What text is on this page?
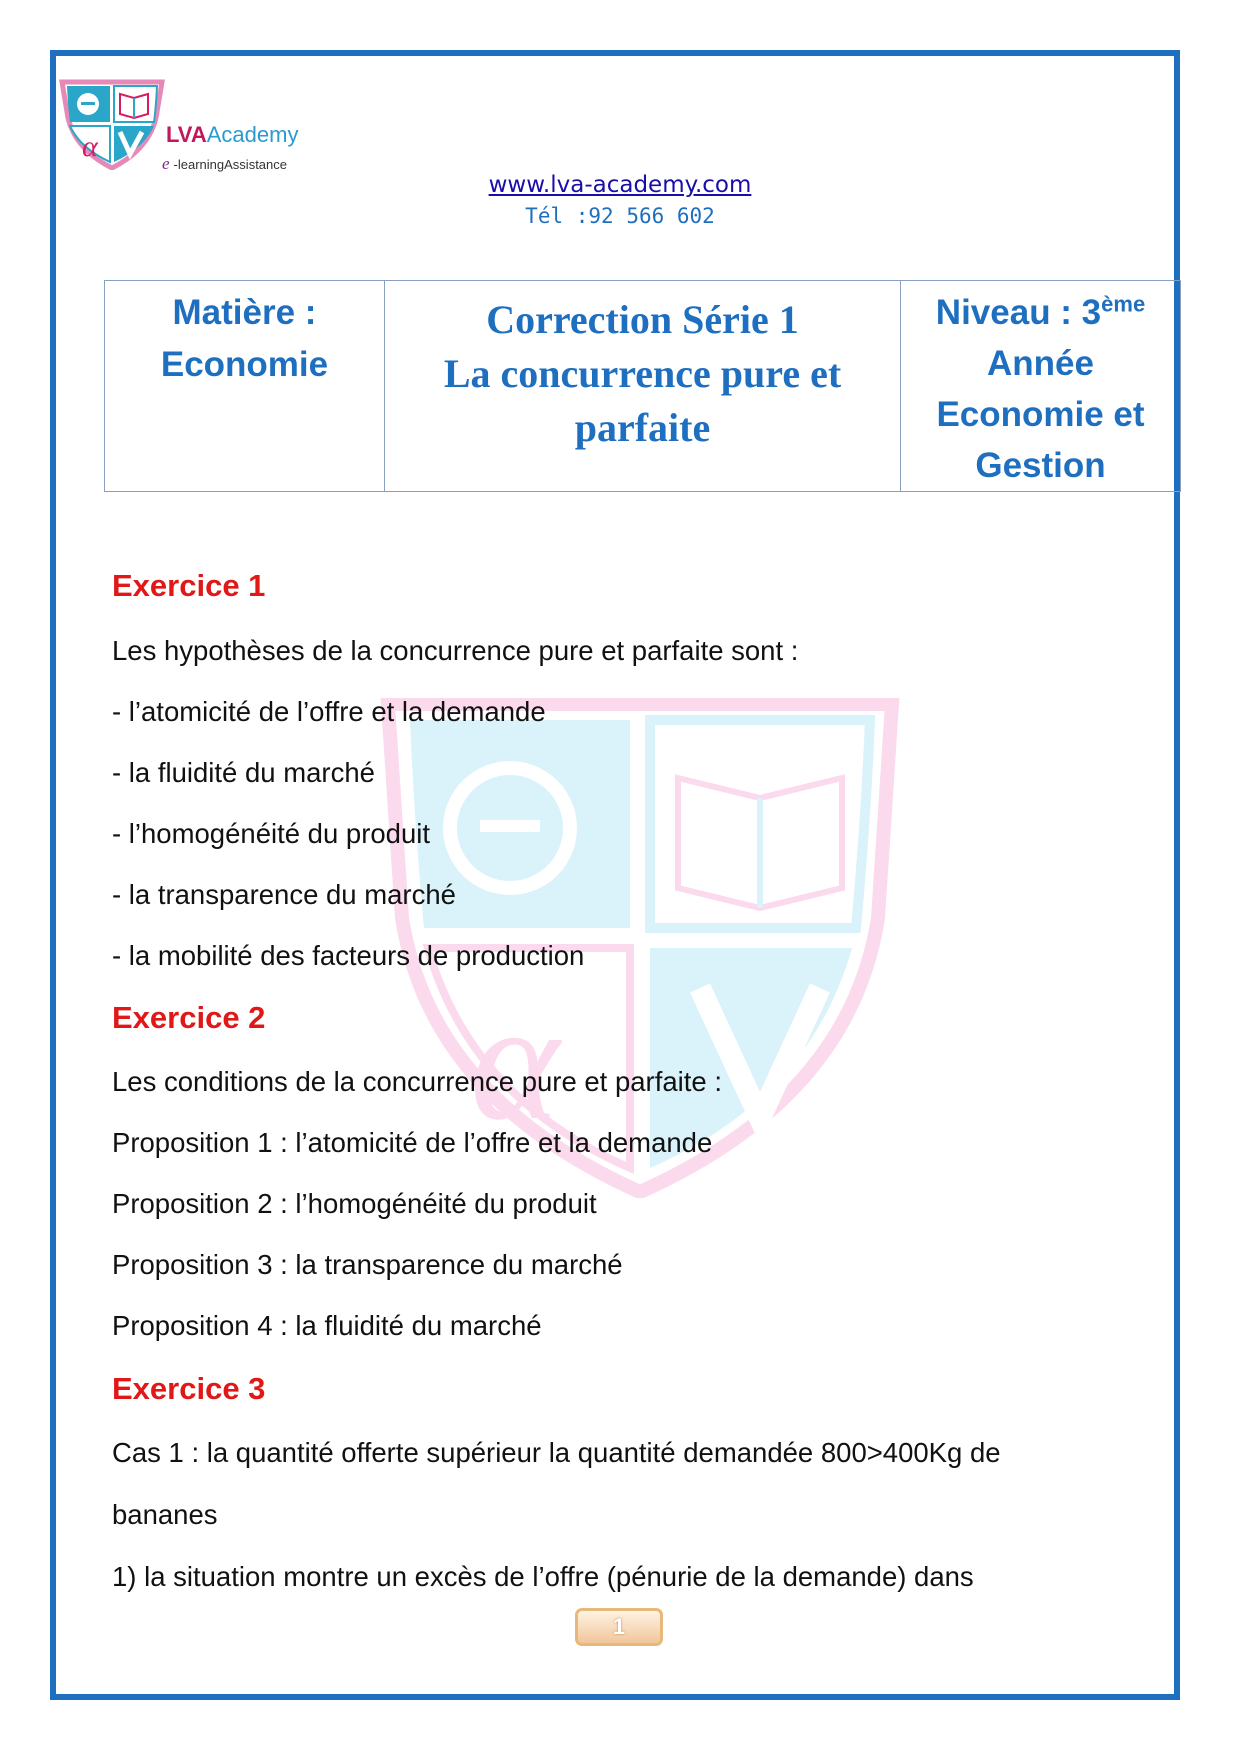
α	LVAAcademy
e -learningAssistance
www.lva-academy.com
Tél :92 566 602
Matière :
Economie

Correction Série 1
La concurrence pure et
parfaite

Niveau : 3ème
Année
Economie et
Gestion
α
Exercice 1
Les hypothèses de la concurrence pure et parfaite sont :
- l’atomicité de l’offre et la demande
- la fluidité du marché
- l’homogénéité du produit
- la transparence du marché
- la mobilité des facteurs de production
Exercice 2
Les conditions de la concurrence pure et parfaite :
Proposition 1 : l’atomicité de l’offre et la demande
Proposition 2 : l’homogénéité du produit
Proposition 3 : la transparence du marché
Proposition 4 : la fluidité du marché
Exercice 3
Cas 1 : la quantité offerte supérieur la quantité demandée 800>400Kg de
bananes
1) la situation montre un excès de l’offre (pénurie de la demande) dans
1
